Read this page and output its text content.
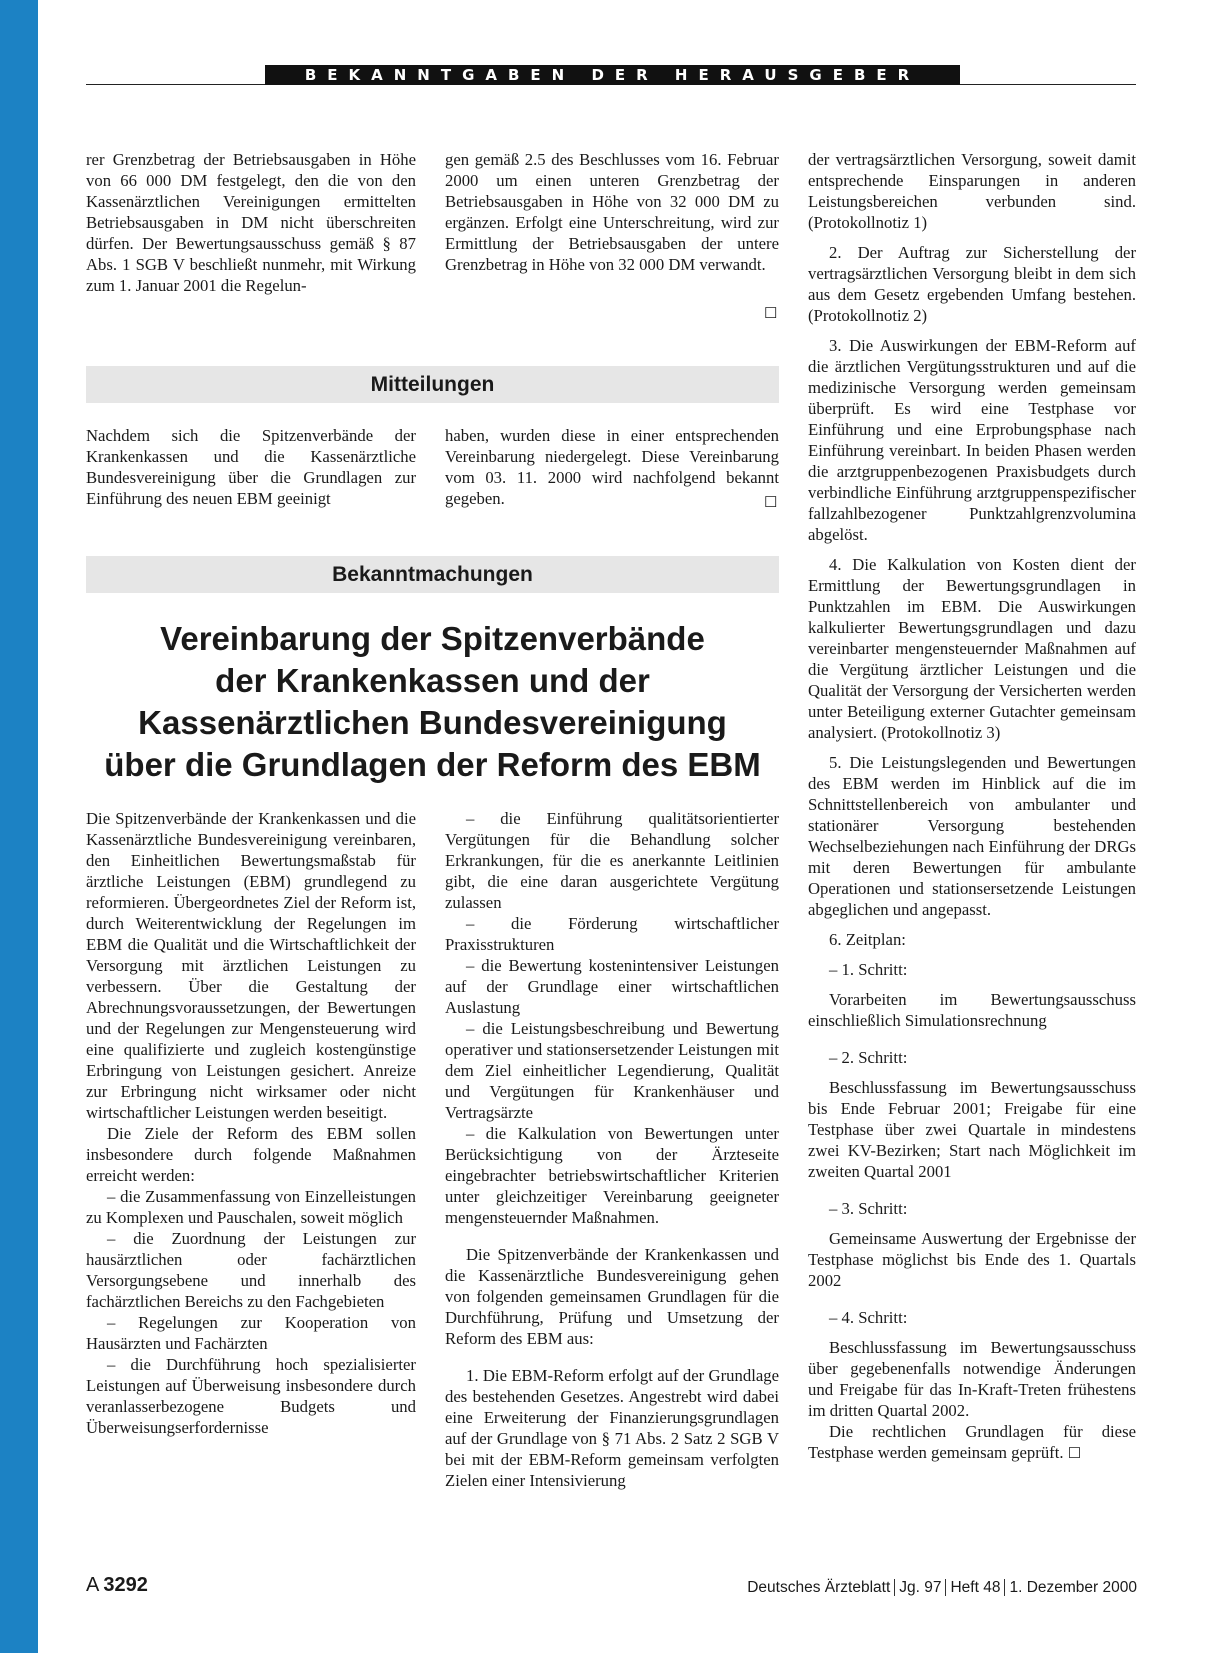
BEKANNTGABEN DER HERAUSGEBER

rer Grenzbetrag der Betriebsausgaben in Höhe von 66 000 DM festgelegt, den die von den Kassenärztlichen Vereinigungen ermittelten Betriebsausgaben in DM nicht überschreiten dürfen. Der Bewertungsausschuss gemäß § 87 Abs. 1 SGB V beschließt nunmehr, mit Wirkung zum 1. Januar 2001 die Regelun-

gen gemäß 2.5 des Beschlusses vom 16. Februar 2000 um einen unteren Grenzbetrag der Betriebsausgaben in Höhe von 32 000 DM zu ergänzen. Erfolgt eine Unterschreitung, wird zur Ermittlung der Betriebsausgaben der untere Grenzbetrag in Höhe von 32 000 DM verwandt.

☐
Mitteilungen

Nachdem sich die Spitzenverbände der Krankenkassen und die Kassenärztliche Bundesvereinigung über die Grundlagen zur Einführung des neuen EBM geeinigt

haben, wurden diese in einer entsprechenden Vereinbarung niedergelegt. Diese Vereinbarung vom 03. 11. 2000 wird nachfolgend bekannt gegeben.	☐
Bekanntmachungen
Vereinbarung der Spitzenverbände
der Krankenkassen und der
Kassenärztlichen Bundesvereinigung
über die Grundlagen der Reform des EBM

Die Spitzenverbände der Krankenkassen und die Kassenärztliche Bundesvereinigung vereinbaren, den Einheitlichen Bewertungsmaßstab für ärztliche Leistungen (EBM) grundlegend zu reformieren. Übergeordnetes Ziel der Reform ist, durch Weiterentwicklung der Regelungen im EBM die Qualität und die Wirtschaftlichkeit der Versorgung mit ärztlichen Leistungen zu verbessern. Über die Gestaltung der Abrechnungsvoraussetzungen, der Bewertungen und der Regelungen zur Mengensteuerung wird eine qualifizierte und zugleich kostengünstige Erbringung von Leistungen gesichert. Anreize zur Erbringung nicht wirksamer oder nicht wirtschaftlicher Leistungen werden beseitigt.

Die Ziele der Reform des EBM sollen insbesondere durch folgende Maßnahmen erreicht werden:

– die Zusammenfassung von Einzelleistungen zu Komplexen und Pauschalen, soweit möglich

– die Zuordnung der Leistungen zur hausärztlichen oder fachärztlichen Versorgungsebene und innerhalb des fachärztlichen Bereichs zu den Fachgebieten

– Regelungen zur Kooperation von Hausärzten und Fachärzten

– die Durchführung hoch spezialisierter Leistungen auf Überweisung insbesondere durch veranlasserbezogene Budgets und Überweisungserfordernisse

– die Einführung qualitätsorientierter Vergütungen für die Behandlung solcher Erkrankungen, für die es anerkannte Leitlinien gibt, die eine daran ausgerichtete Vergütung zulassen

– die Förderung wirtschaftlicher Praxisstrukturen

– die Bewertung kostenintensiver Leistungen auf der Grundlage einer wirtschaftlichen Auslastung

– die Leistungsbeschreibung und Bewertung operativer und stationsersetzender Leistungen mit dem Ziel einheitlicher Legendierung, Qualität und Vergütungen für Krankenhäuser und Vertragsärzte

– die Kalkulation von Bewertungen unter Berücksichtigung von der Ärzteseite eingebrachter betriebswirtschaftlicher Kriterien unter gleichzeitiger Vereinbarung geeigneter mengensteuernder Maßnahmen.

Die Spitzenverbände der Krankenkassen und die Kassenärztliche Bundesvereinigung gehen von folgenden gemeinsamen Grundlagen für die Durchführung, Prüfung und Umsetzung der Reform des EBM aus:

1. Die EBM-Reform erfolgt auf der Grundlage des bestehenden Gesetzes. Angestrebt wird dabei eine Erweiterung der Finanzierungsgrundlagen auf der Grundlage von § 71 Abs. 2 Satz 2 SGB V bei mit der EBM-Reform gemeinsam verfolgten Zielen einer Intensivierung

der vertragsärztlichen Versorgung, soweit damit entsprechende Einsparungen in anderen Leistungsbereichen verbunden sind. (Protokollnotiz 1)

2. Der Auftrag zur Sicherstellung der vertragsärztlichen Versorgung bleibt in dem sich aus dem Gesetz ergebenden Umfang bestehen. (Protokollnotiz 2)

3. Die Auswirkungen der EBM-Reform auf die ärztlichen Vergütungsstrukturen und auf die medizinische Versorgung werden gemeinsam überprüft. Es wird eine Testphase vor Einführung und eine Erprobungsphase nach Einführung vereinbart. In beiden Phasen werden die arztgruppenbezogenen Praxisbudgets durch verbindliche Einführung arztgruppenspezifischer fallzahlbezogener Punktzahlgrenzvolumina abgelöst.

4. Die Kalkulation von Kosten dient der Ermittlung der Bewertungsgrundlagen in Punktzahlen im EBM. Die Auswirkungen kalkulierter Bewertungsgrundlagen und dazu vereinbarter mengensteuernder Maßnahmen auf die Vergütung ärztlicher Leistungen und die Qualität der Versorgung der Versicherten werden unter Beteiligung externer Gutachter gemeinsam analysiert. (Protokollnotiz 3)

5. Die Leistungslegenden und Bewertungen des EBM werden im Hinblick auf die im Schnittstellenbereich von ambulanter und stationärer Versorgung bestehenden Wechselbeziehungen nach Einführung der DRGs mit deren Bewertungen für ambulante Operationen und stationsersetzende Leistungen abgeglichen und angepasst.

6. Zeitplan:

– 1. Schritt:

Vorarbeiten im Bewertungsausschuss einschließlich Simulationsrechnung

– 2. Schritt:

Beschlussfassung im Bewertungsausschuss bis Ende Februar 2001; Freigabe für eine Testphase über zwei Quartale in mindestens zwei KV-Bezirken; Start nach Möglichkeit im zweiten Quartal 2001

– 3. Schritt:

Gemeinsame Auswertung der Ergebnisse der Testphase möglichst bis Ende des 1. Quartals 2002

– 4. Schritt:

Beschlussfassung im Bewertungsausschuss über gegebenenfalls notwendige Änderungen und Freigabe für das In-Kraft-Treten frühestens im dritten Quartal 2002.

Die rechtlichen Grundlagen für diese Testphase werden gemeinsam geprüft. ☐

A 3292	Deutsches Ärzteblatt Jg. 97 Heft 48 1. Dezember 2000
